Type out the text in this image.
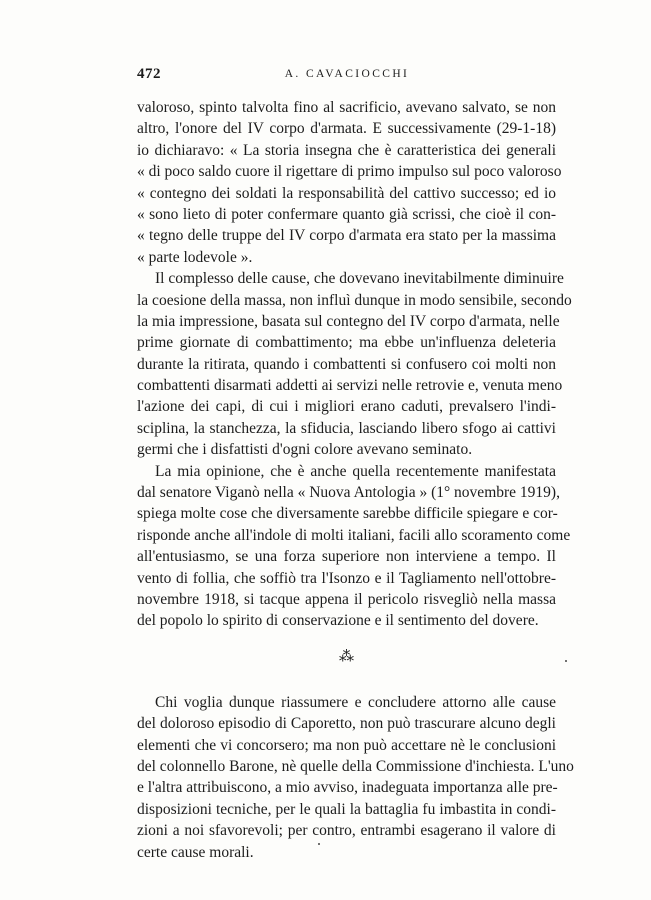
472	A. CAVACIOCCHI
valoroso, spinto talvolta fino al sacrificio, avevano salvato, se non
altro, l'onore del IV corpo d'armata. E successivamente (29-1-18)
io dichiaravo: « La storia insegna che è caratteristica dei generali
« di poco saldo cuore il rigettare di primo impulso sul poco valoroso
« contegno dei soldati la responsabilità del cattivo successo; ed io
« sono lieto di poter confermare quanto già scrissi, che cioè il con-
« tegno delle truppe del IV corpo d'armata era stato per la massima
« parte lodevole ».
Il complesso delle cause, che dovevano inevitabilmente diminuire
la coesione della massa, non influì dunque in modo sensibile, secondo
la mia impressione, basata sul contegno del IV corpo d'armata, nelle
prime giornate di combattimento; ma ebbe un'influenza deleteria
durante la ritirata, quando i combattenti si confusero coi molti non
combattenti disarmati addetti ai servizi nelle retrovie e, venuta meno
l'azione dei capi, di cui i migliori erano caduti, prevalsero l'indi-
sciplina, la stanchezza, la sfiducia, lasciando libero sfogo ai cattivi
germi che i disfattisti d'ogni colore avevano seminato.
La mia opinione, che è anche quella recentemente manifestata
dal senatore Viganò nella « Nuova Antologia » (1° novembre 1919),
spiega molte cose che diversamente sarebbe difficile spiegare e cor-
risponde anche all'indole di molti italiani, facili allo scoramento come
all'entusiasmo, se una forza superiore non interviene a tempo. Il
vento di follia, che soffiò tra l'Isonzo e il Tagliamento nell'ottobre-
novembre 1918, si tacque appena il pericolo risvegliò nella massa
del popolo lo spirito di conservazione e il sentimento del dovere.
⁂
Chi voglia dunque riassumere e concludere attorno alle cause
del doloroso episodio di Caporetto, non può trascurare alcuno degli
elementi che vi concorsero; ma non può accettare nè le conclusioni
del colonnello Barone, nè quelle della Commissione d'inchiesta. L'uno
e l'altra attribuiscono, a mio avviso, inadeguata importanza alle pre-
disposizioni tecniche, per le quali la battaglia fu imbastita in condi-
zioni a noi sfavorevoli; per contro, entrambi esagerano il valore di
certe cause morali.
